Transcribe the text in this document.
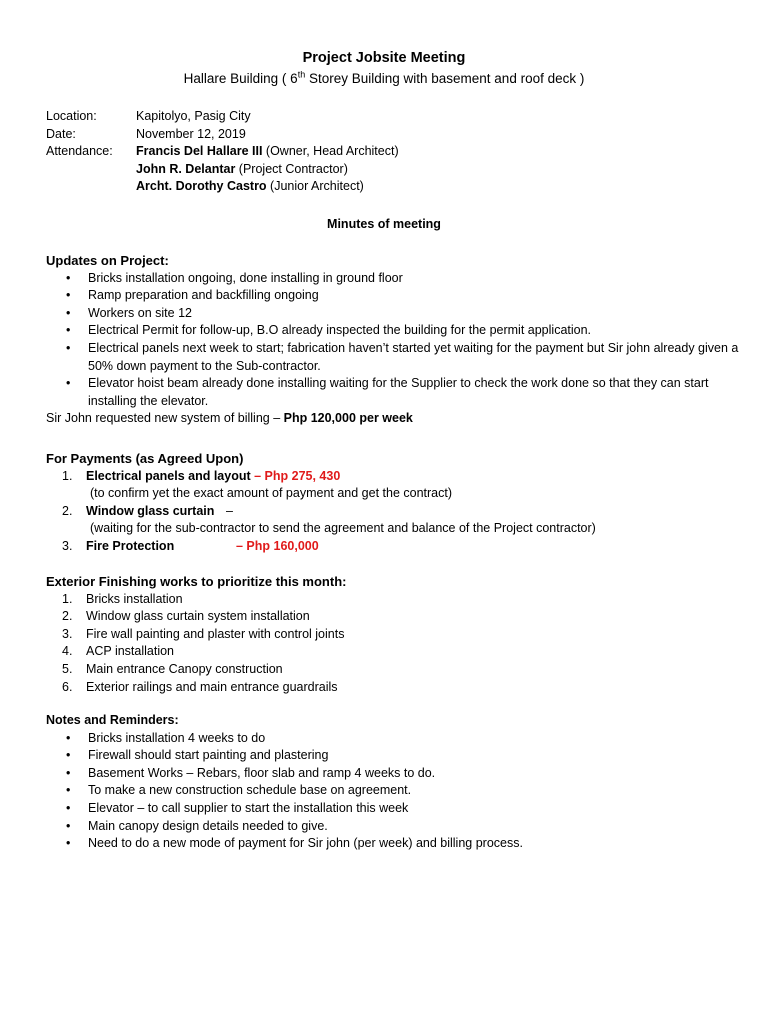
Project Jobsite Meeting
Hallare Building ( 6th Storey Building with basement and roof deck )
Location:	Kapitolyo, Pasig City
Date:	November 12, 2019
Attendance: Francis Del Hallare III (Owner, Head Architect)
John R. Delantar (Project Contractor)
Archt. Dorothy Castro (Junior Architect)
Minutes of meeting
Updates on Project:
• Bricks installation ongoing, done installing in ground floor
• Ramp preparation and backfilling ongoing
• Workers on site 12
• Electrical Permit for follow-up, B.O already inspected the building for the permit application.
• Electrical panels next week to start; fabrication haven’t started yet waiting for the payment but Sir john already given a 50% down payment to the Sub-contractor.
• Elevator hoist beam already done installing waiting for the Supplier to check the work done so that they can start installing the elevator.
Sir John requested new system of billing – Php 120,000 per week
For Payments (as Agreed Upon)
1. Electrical panels and layout – Php 275, 430
(to confirm yet the exact amount of payment and get the contract)
2. Window glass curtain –
(waiting for the sub-contractor to send the agreement and balance of the Project contractor)
3. Fire Protection	– Php 160,000
Exterior Finishing works to prioritize this month:
1. Bricks installation
2. Window glass curtain system installation
3. Fire wall painting and plaster with control joints
4. ACP installation
5. Main entrance Canopy construction
6. Exterior railings and main entrance guardrails
Notes and Reminders:
• Bricks installation 4 weeks to do
• Firewall should start painting and plastering
• Basement Works – Rebars, floor slab and ramp 4 weeks to do.
• To make a new construction schedule base on agreement.
• Elevator – to call supplier to start the installation this week
• Main canopy design details needed to give.
• Need to do a new mode of payment for Sir john (per week) and billing process.
